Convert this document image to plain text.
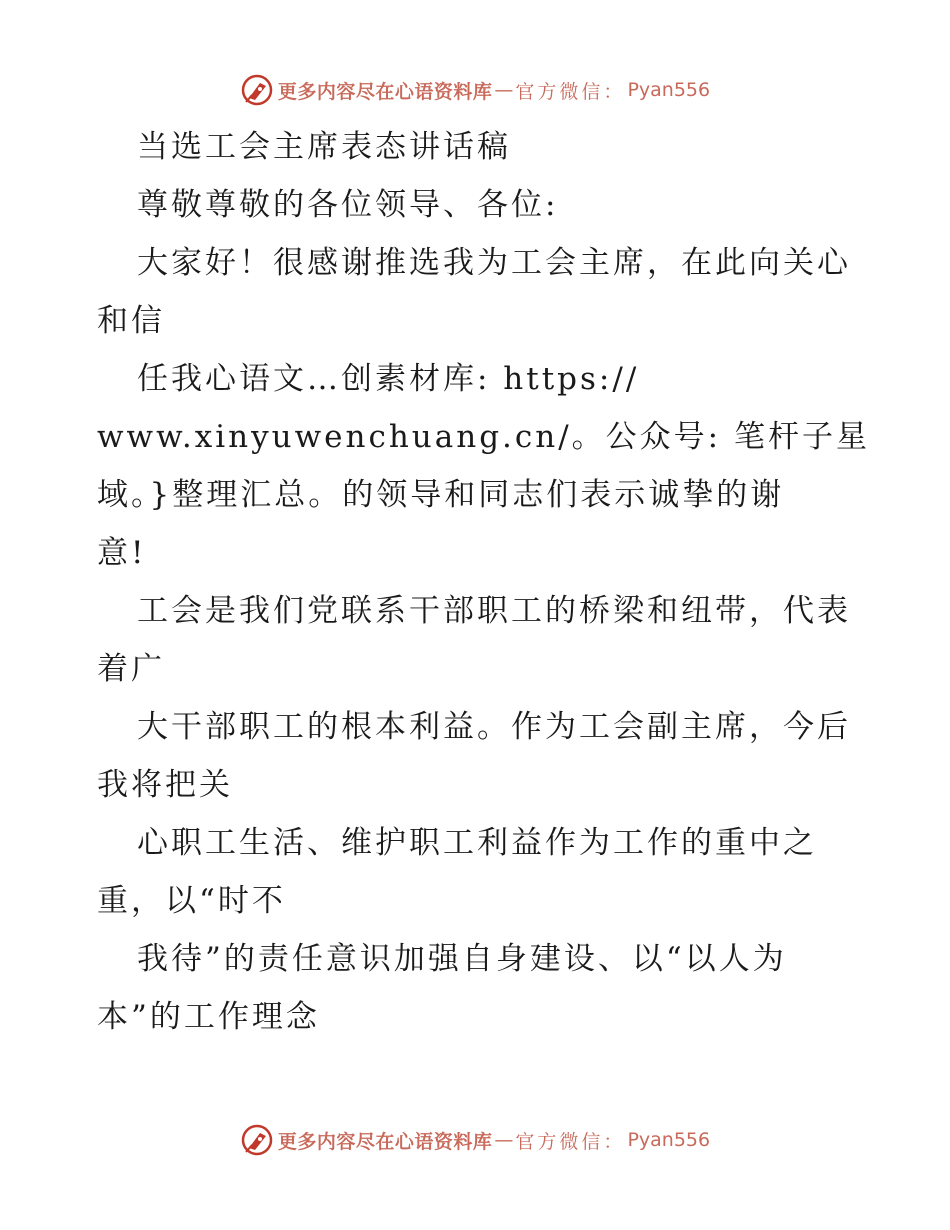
更多内容尽在心语资料库 — 官方微信： Pyan556
当选工会主席表态讲话稿
尊敬尊敬的各位领导、各位:
大家好！很感谢推选我为工会主席，在此向关心
和信
任我心语文…创素材库: https://
www.xinyuwenchuang.cn/。公众号: 笔杆子星
域。}整理汇总。的领导和同志们表示诚挚的谢
意!
工会是我们党联系干部职工的桥梁和纽带，代表
着广
大干部职工的根本利益。作为工会副主席，今后
我将把关
心职工生活、维护职工利益作为工作的重中之
重，以“时不
我待”的责任意识加强自身建设、以“以人为
本”的工作理念
更多内容尽在心语资料库 — 官方微信： Pyan556
